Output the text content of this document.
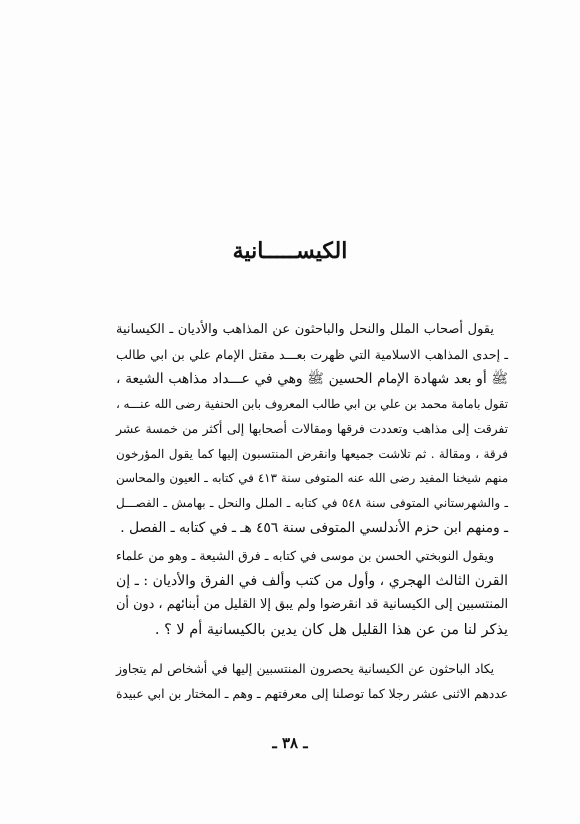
الكيســـــانية
يقول أصحاب الملل والنحل والباحثون عن المذاهب والأديان ـ الكيسانية
ـ إحدى المذاهب الاسلامية التي ظهرت بعـــد مقتل الإمام علي بن ابي طالب
ﷺ أو بعد شهادة الإمام الحسين ﷺ وهي في عـــداد مذاهب الشيعة ،
تقول بامامة محمد بن علي بن ابي طالب المعروف بابن الحنفية رضى الله عنـــه ،
تفرقت إلى مذاهب وتعددت فرقها ومقالات أصحابها إلى أكثر من خمسة عشر
فرقة ، ومقالة . ثم تلاشت جميعها وانقرض المنتسبون إليها كما يقول المؤرخون
منهم شيخنا المفيد رضى الله عنه المتوفى سنة ٤١٣ في كتابه ـ العيون والمحاسن
ـ والشهرستاني المتوفى سنة ٥٤٨ في كتابه ـ الملل والنحل ـ بهامش ـ الفصـــل
ـ ومنهم ابن حزم الأندلسي المتوفى سنة ٤٥٦ هـ ـ في كتابه ـ الفصل .
ويقول النوبختي الحسن بن موسى في كتابه ـ فرق الشيعة ـ وهو من علماء
القرن الثالث الهجري ، وأول من كتب وألف في الفرق والأديان : ـ إن
المنتسبين إلى الكيسانية قد انقرضوا ولم يبق إلا القليل من أبنائهم ، دون أن
يذكر لنا من عن هذا القليل هل كان يدين بالكيسانية أم لا ؟ .
يكاد الباحثون عن الكيسانية يحصرون المنتسبين إليها في أشخاص لم يتجاوز
عددهم الاثنى عشر رجلا كما توصلنا إلى معرفتهم ـ وهم ـ المختار بن ابي عبيدة
ـ ٣٨ ـ
